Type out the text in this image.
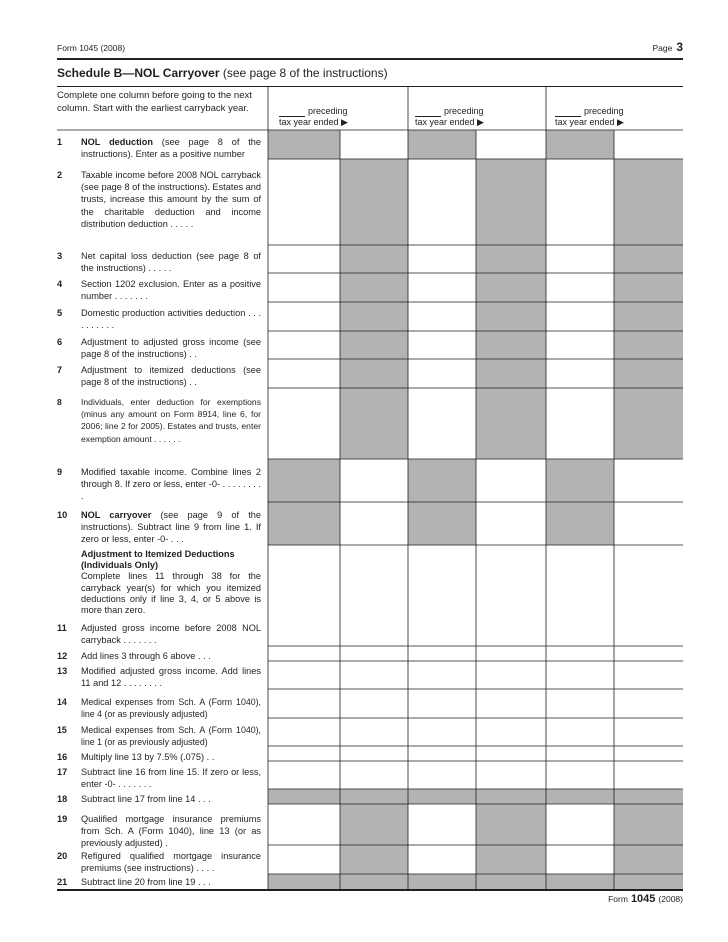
Form 1045 (2008)	Page 3
Schedule B—NOL Carryover (see page 8 of the instructions)
Complete one column before going to the next column. Start with the earliest carryback year.	preceding
tax year ended ▶
preceding
tax year ended ▶
preceding
tax year ended ▶
1	NOL deduction (see page 8 of the instructions). Enter as a positive number
2	Taxable income before 2008 NOL carryback (see page 8 of the instructions). Estates and trusts, increase this amount by the sum of the charitable deduction and income distribution deduction . . . . .
3	Net capital loss deduction (see page 8 of the instructions) . . . . .
4	Section 1202 exclusion. Enter as a positive number . . . . . . .
5	Domestic production activities deduction . . . . . . . . . .
6	Adjustment to adjusted gross income (see page 8 of the instructions) . .
7	Adjustment to itemized deductions (see page 8 of the instructions) . .
8	Individuals, enter deduction for exemptions (minus any amount on Form 8914, line 6, for 2006; line 2 for 2005). Estates and trusts, enter exemption amount . . . . . .
9	Modified taxable income. Combine lines 2 through 8. If zero or less, enter -0- . . . . . . . . .
10	NOL carryover (see page 9 of the instructions). Subtract line 9 from line 1. If zero or less, enter -0- . . .
Adjustment to Itemized Deductions (Individuals Only)
Complete lines 11 through 38 for the carryback year(s) for which you itemized deductions only if line 3, 4, or 5 above is more than zero.
11	Adjusted gross income before 2008 NOL carryback . . . . . . .
12	Add lines 3 through 6 above . . .
13	Modified adjusted gross income. Add lines 11 and 12 . . . . . . . .
14	Medical expenses from Sch. A (Form 1040), line 4 (or as previously adjusted)
15	Medical expenses from Sch. A (Form 1040), line 1 (or as previously adjusted)
16	Multiply line 13 by 7.5% (.075) . .
17	Subtract line 16 from line 15. If zero or less, enter -0- . . . . . . .
18	Subtract line 17 from line 14 . . .
19	Qualified mortgage insurance premiums from Sch. A (Form 1040), line 13 (or as previously adjusted) .
20	Refigured qualified mortgage insurance premiums (see instructions) . . . .
21	Subtract line 20 from line 19 . . .
Form 1045 (2008)
